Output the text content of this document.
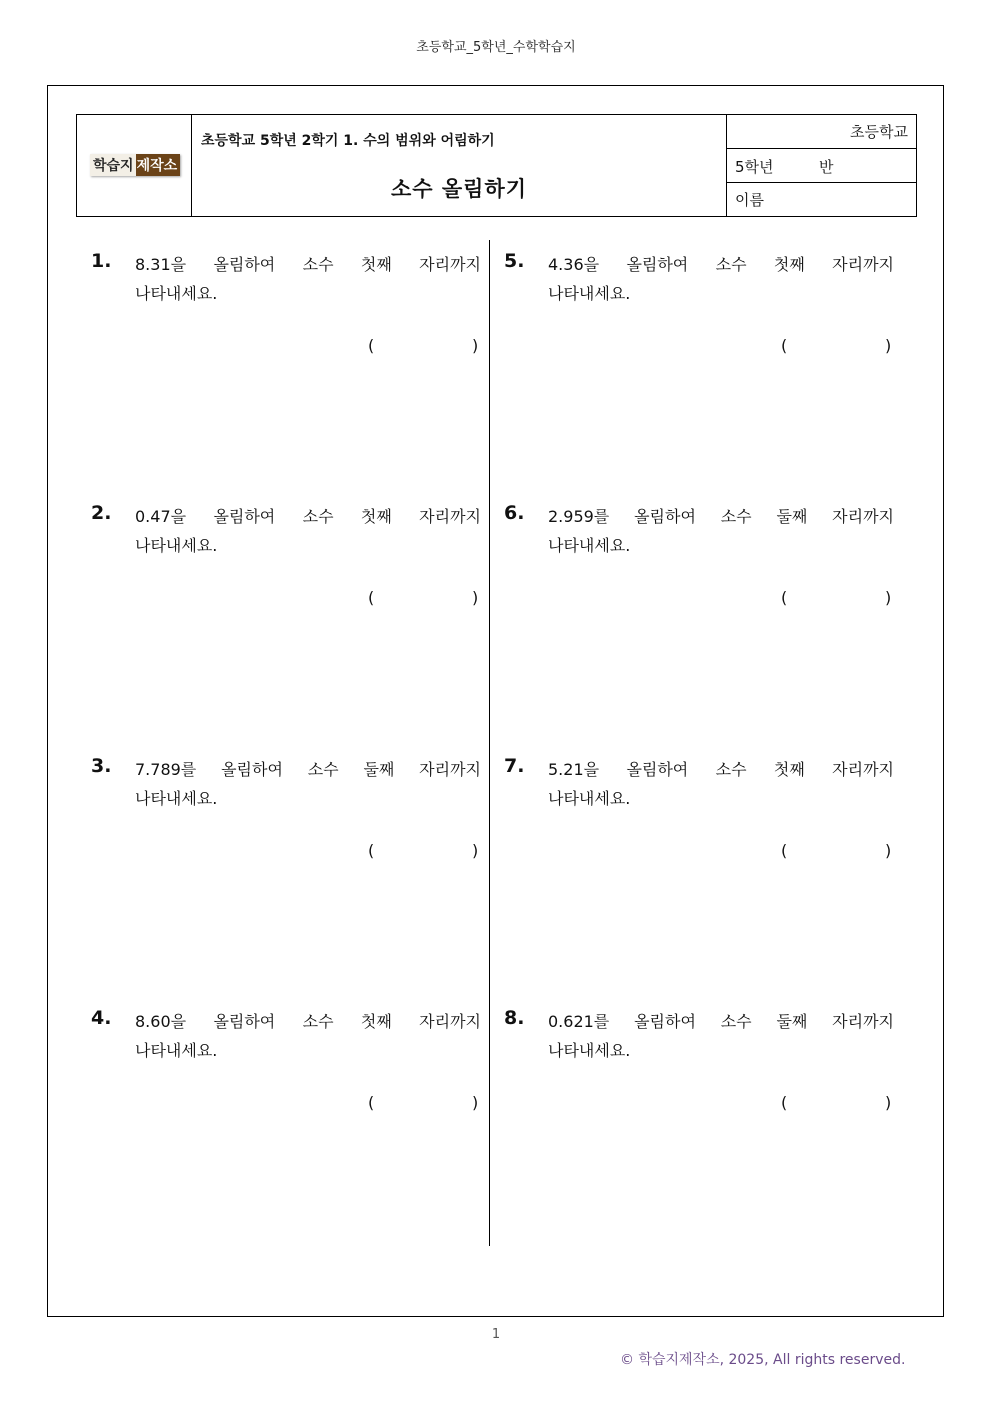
초등학교_5학년_수학학습지
학습지 제작소
초등학교 5학년 2학기 1. 수의 범위와 어림하기
소수 올림하기
초등학교
5학년	반
이름
1. 8.31을 올림하여 소수 첫째 자리까지
나타내세요.
(	)
2. 0.47을 올림하여 소수 첫째 자리까지
나타내세요.
(	)
3. 7.789를 올림하여 소수 둘째 자리까지
나타내세요.
(	)
4. 8.60을 올림하여 소수 첫째 자리까지
나타내세요.
(	)
5. 4.36을 올림하여 소수 첫째 자리까지
나타내세요.
(	)
6. 2.959를 올림하여 소수 둘째 자리까지
나타내세요.
(	)
7. 5.21을 올림하여 소수 첫째 자리까지
나타내세요.
(	)
8. 0.621를 올림하여 소수 둘째 자리까지
나타내세요.
(	)
1
© 학습지제작소, 2025, All rights reserved.
